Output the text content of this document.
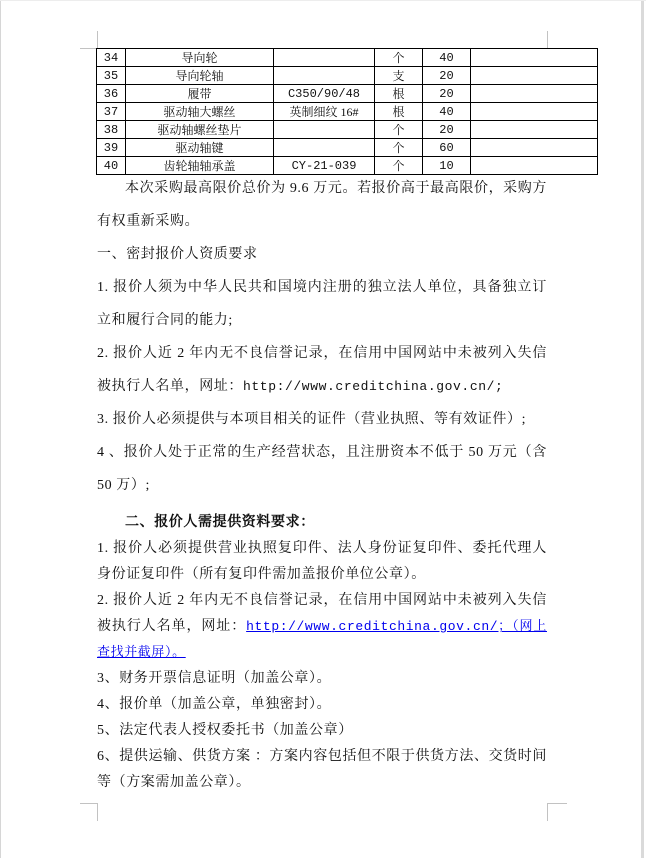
34	导向轮		个	40	
35	导向轮轴		支	20	
36	履带	C350/90/48	根	20	
37	驱动轴大螺丝	英制细纹 16#	根	40	
38	驱动轴螺丝垫片		个	20	
39	驱动轴键		个	60	
40	齿轮轴轴承盖	CY-21-039	个	10	

本次采购最高限价总价为 9.6 万元。若报价高于最高限价，采购方有权重新采购。

一、密封报价人资质要求

1. 报价人须为中华人民共和国境内注册的独立法人单位，具备独立订立和履行合同的能力;

2. 报价人近 2 年内无不良信誉记录，在信用中国网站中未被列入失信被执行人名单，网址：http://www.creditchina.gov.cn/;

3. 报价人必须提供与本项目相关的证件（营业执照、等有效证件）;

4 、报价人处于正常的生产经营状态，且注册资本不低于 50 万元（含 50 万）;

二、报价人需提供资料要求：

1. 报价人必须提供营业执照复印件、法人身份证复印件、委托代理人身份证复印件（所有复印件需加盖报价单位公章）。

2. 报价人近 2 年内无不良信誉记录，在信用中国网站中未被列入失信被执行人名单，网址：http://www.creditchina.gov.cn/；（网上查找并截屏）。

3、财务开票信息证明（加盖公章）。

4、报价单（加盖公章，单独密封）。

5、法定代表人授权委托书（加盖公章）

6、提供运输、供货方案 ：方案内容包括但不限于供货方法、交货时间等（方案需加盖公章）。
